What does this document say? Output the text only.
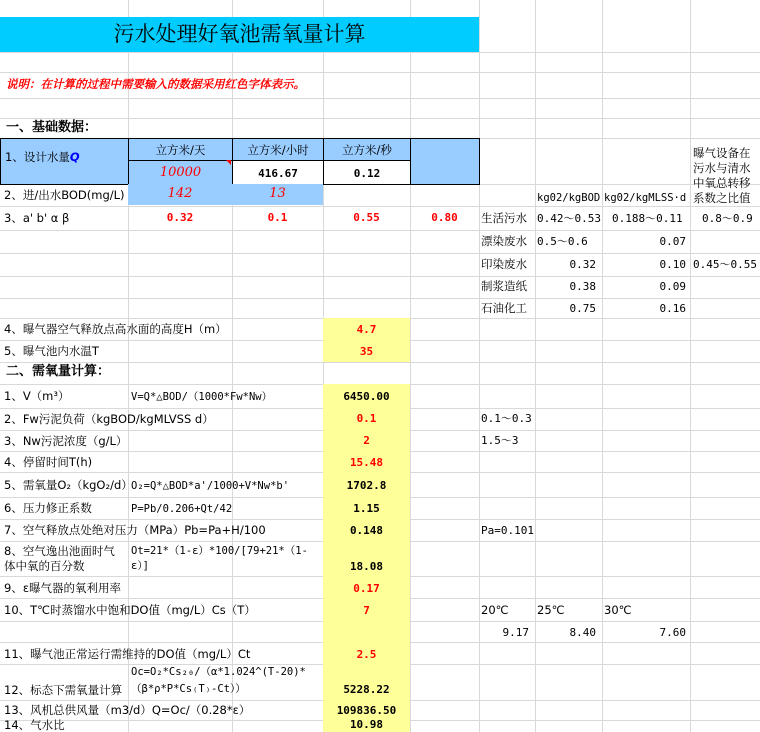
污水处理好氧池需氧量计算
说明：在计算的过程中需要输入的数据采用红色字体表示。
一、基础数据：
1、设计水量Q	立方米/天	立方米/小时	立方米/秒
10000	416.67	0.12
2、进/出水BOD(mg/L)	142	13	kg02/kgBOD kg02/kgMLSS·d
曝气设备在污水与清水中氧总转移系数之比值
3、a' b' α β	0.32	0.1	0.55	0.80	生活污水 0.42～0.53 0.188～0.11 0.8～0.9
漂染废水 0.5～0.6	0.07
印染废水	0.32	0.10 0.45～0.55
制浆造纸	0.38	0.09
石油化工	0.75	0.16
4、曝气器空气释放点高水面的高度H（m）	4.7
5、曝气池内水温T	35
二、需氧量计算：
1、V（m³）	V=Q*△BOD/（1000*Fw*Nw）	6450.00
2、Fw污泥负荷（kgBOD/kgMLVSS d）	0.1	0.1～0.3
3、Nw污泥浓度（g/L）	2	1.5～3
4、停留时间T(h)	15.48
5、需氧量O₂（kgO₂/d）
O₂=Q*△BOD*a'/1000+V*Nw*b'	1702.8
6、压力修正系数	P=Pb/0.206+Qt/42	1.15
7、空气释放点处绝对压力（MPa）Pb=Pa+H/100	0.148	Pa=0.101
8、空气逸出池面时气
体中氧的百分数
Ot=21*（1-ε）*100/[79+21*（1-
ε）]	18.08
9、ε曝气器的氧利用率	0.17
10、T℃时蒸馏水中饱和DO值（mg/L）Cs（T）	7	20℃ 25℃	30℃
9.17	8.40	7.60
11、曝气池正常运行需维持的DO值（mg/L）Ct	2.5
Oc=O₂*Cs₂₀/（α*1.024^(T-20)*
12、标态下需氧量计算 （β*ρ*P*Cs₍T₎-Ct））	5228.22
13、风机总供风量（m3/d）Q=Oc/（0.28*ε）	109836.50
14、气水比	10.98
